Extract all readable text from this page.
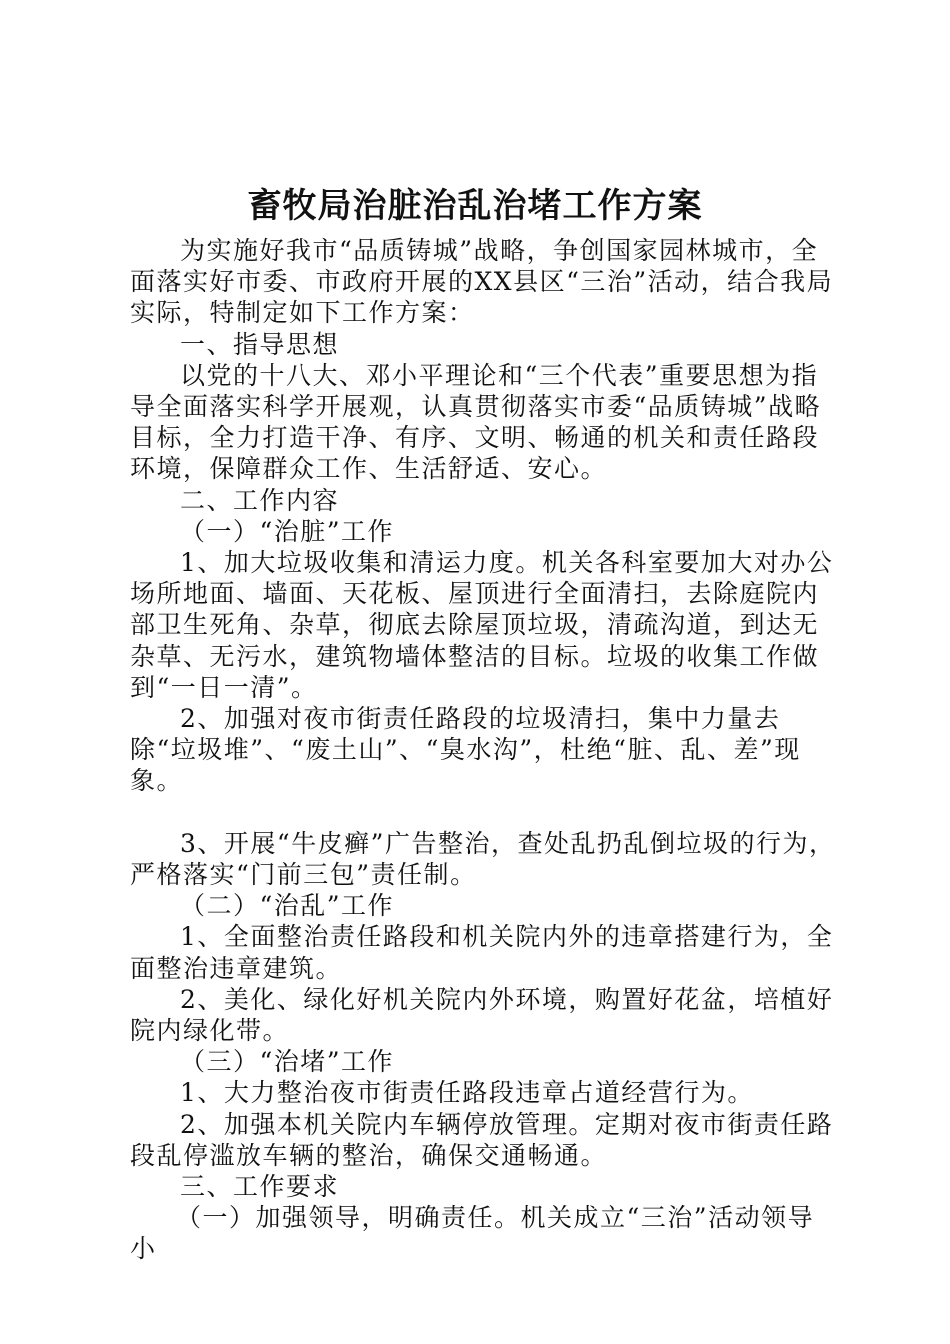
畜牧局治脏治乱治堵工作方案

为实施好我市“品质铸城”战略，争创国家园林城市，全面落实好市委、市政府开展的XX县区“三治”活动，结合我局实际，特制定如下工作方案：

一、指导思想

以党的十八大、邓小平理论和“三个代表”重要思想为指导全面落实科学开展观，认真贯彻落实市委“品质铸城”战略目标，全力打造干净、有序、文明、畅通的机关和责任路段环境，保障群众工作、生活舒适、安心。

二、工作内容

（一）“治脏”工作

1、加大垃圾收集和清运力度。机关各科室要加大对办公场所地面、墙面、天花板、屋顶进行全面清扫，去除庭院内部卫生死角、杂草，彻底去除屋顶垃圾，清疏沟道，到达无杂草、无污水，建筑物墙体整洁的目标。垃圾的收集工作做到“一日一清”。

2、加强对夜市街责任路段的垃圾清扫，集中力量去除“垃圾堆”、“废土山”、“臭水沟”，杜绝“脏、乱、差”现象。

3、开展“牛皮癣”广告整治，查处乱扔乱倒垃圾的行为，严格落实“门前三包”责任制。

（二）“治乱”工作

1、全面整治责任路段和机关院内外的违章搭建行为，全面整治违章建筑。

2、美化、绿化好机关院内外环境，购置好花盆，培植好院内绿化带。

（三）“治堵”工作

1、大力整治夜市街责任路段违章占道经营行为。

2、加强本机关院内车辆停放管理。定期对夜市街责任路段乱停滥放车辆的整治，确保交通畅通。

三、工作要求

（一）加强领导，明确责任。机关成立“三治”活动领导小
